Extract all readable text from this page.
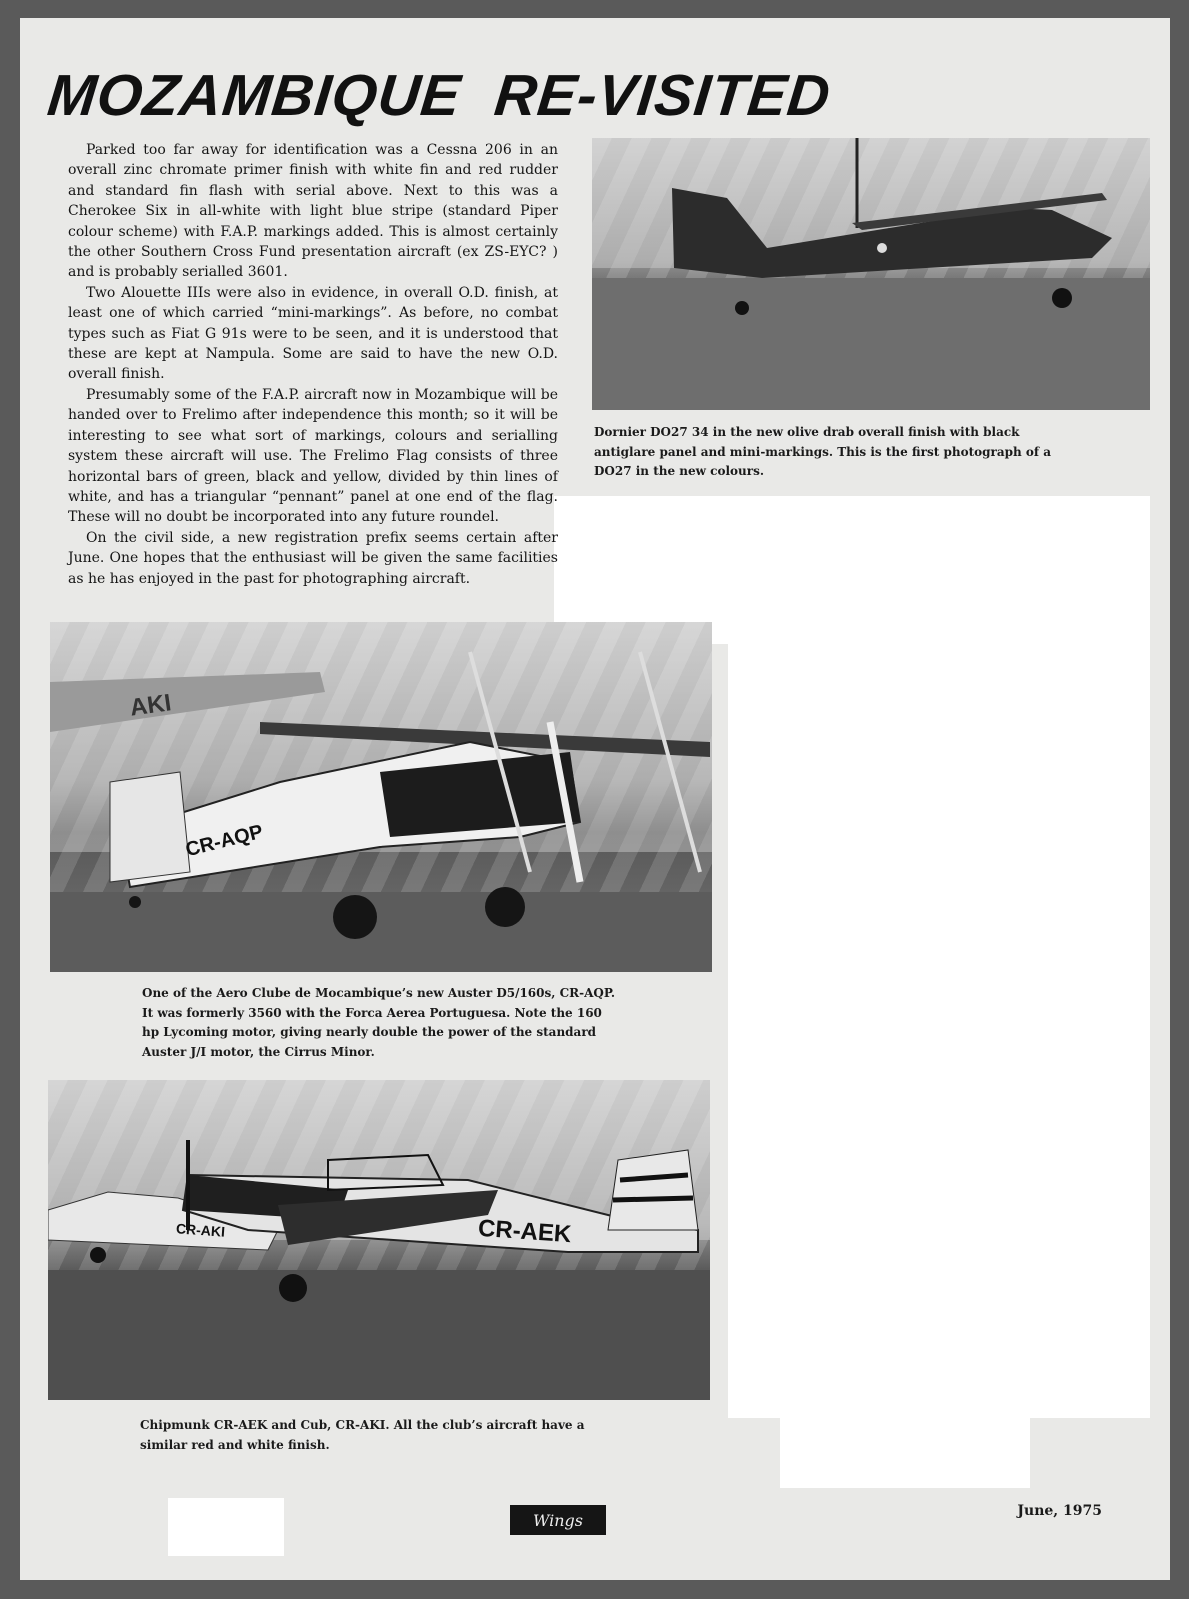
MOZAMBIQUE  RE-VISITED
Dornier DO27 34 in the new olive drab overall finish with black antiglare panel and mini-markings. This is the first photograph of a DO27 in the new colours.

Parked too far away for identification was a Cessna 206 in an overall zinc chromate primer finish with white fin and red rudder and standard fin flash with serial above. Next to this was a Cherokee Six in all-white with light blue stripe (standard Piper colour scheme) with F.A.P. markings added. This is almost certainly the other Southern Cross Fund presentation aircraft (ex ZS-EYC? ) and is probably serialled 3601.

Two Alouette IIIs were also in evidence, in overall O.D. finish, at least one of which carried “mini-markings”. As before, no combat types such as Fiat G 91s were to be seen, and it is understood that these are kept at Nampula. Some are said to have the new O.D. overall finish.

Presumably some of the F.A.P. aircraft now in Mozambique will be handed over to Frelimo after independence this month; so it will be interesting to see what sort of markings, colours and serialling system these aircraft will use. The Frelimo Flag consists of three horizontal bars of green, black and yellow, divided by thin lines of white, and has a triangular “pennant” panel at one end of the flag. These will no doubt be incorporated into any future roundel.

On the civil side, a new registration prefix seems certain after June. One hopes that the enthusiast will be given the same facilities as he has enjoyed in the past for photographing aircraft.

CR-AQP
AKI
One of the Aero Clube de Mocambique’s new Auster D5/160s, CR-AQP. It was formerly 3560 with the Forca Aerea Portuguesa. Note the 160 hp Lycoming motor, giving nearly double the power of the standard Auster J/I motor, the Cirrus Minor.
CR-AEK
CR-AKI
Chipmunk CR-AEK and Cub, CR-AKI. All the club’s aircraft have a similar red and white finish.
Wings	June, 1975
